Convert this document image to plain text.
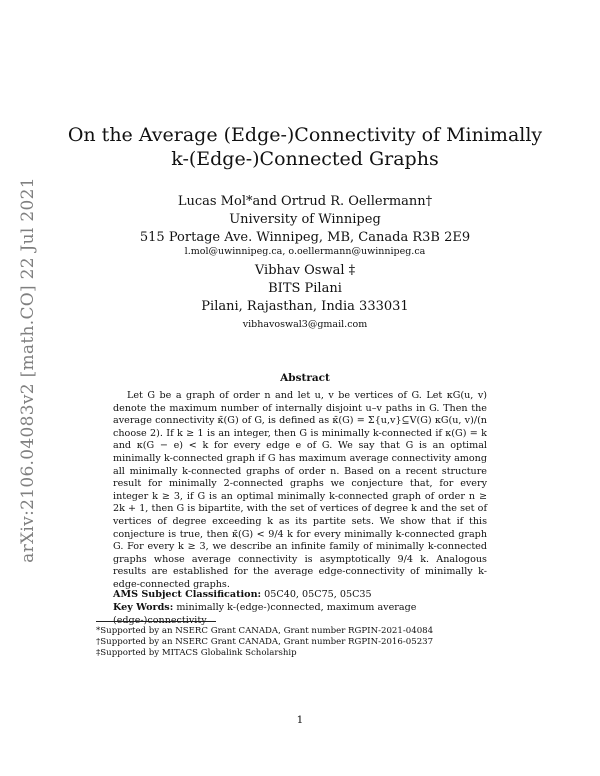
arXiv:2106.04083v2 [math.CO] 22 Jul 2021
On the Average (Edge-)Connectivity of Minimally
k-(Edge-)Connected Graphs
Lucas Mol*and Ortrud R. Oellermann†
University of Winnipeg
515 Portage Ave. Winnipeg, MB, Canada R3B 2E9
l.mol@uwinnipeg.ca, o.oellermann@uwinnipeg.ca
Vibhav Oswal ‡
BITS Pilani
Pilani, Rajasthan, India 333031
vibhavoswal3@gmail.com
Abstract

Let G be a graph of order n and let u, v be vertices of G. Let κG(u, v) denote the maximum number of internally disjoint u–v paths in G. Then the average connectivity κ̄(G) of G, is defined as κ̄(G) = Σ{u,v}⊆V(G) κG(u, v)/(n choose 2). If k ≥ 1 is an integer, then G is minimally k-connected if κ(G) = k and κ(G − e) < k for every edge e of G. We say that G is an optimal minimally k-connected graph if G has maximum average connectivity among all minimally k-connected graphs of order n. Based on a recent structure result for minimally 2-connected graphs we conjecture that, for every integer k ≥ 3, if G is an optimal minimally k-connected graph of order n ≥ 2k + 1, then G is bipartite, with the set of vertices of degree k and the set of vertices of degree exceeding k as its partite sets. We show that if this conjecture is true, then κ̄(G) < 9/4 k for every minimally k-connected graph G. For every k ≥ 3, we describe an infinite family of minimally k-connected graphs whose average connectivity is asymptotically 9/4 k. Analogous results are established for the average edge-connectivity of minimally k-edge-connected graphs.

AMS Subject Classification: 05C40, 05C75, 05C35
Key Words: minimally k-(edge-)connected, maximum average (edge-)connectivity
*Supported by an NSERC Grant CANADA, Grant number RGPIN-2021-04084
†Supported by an NSERC Grant CANADA, Grant number RGPIN-2016-05237
‡Supported by MITACS Globalink Scholarship
1
